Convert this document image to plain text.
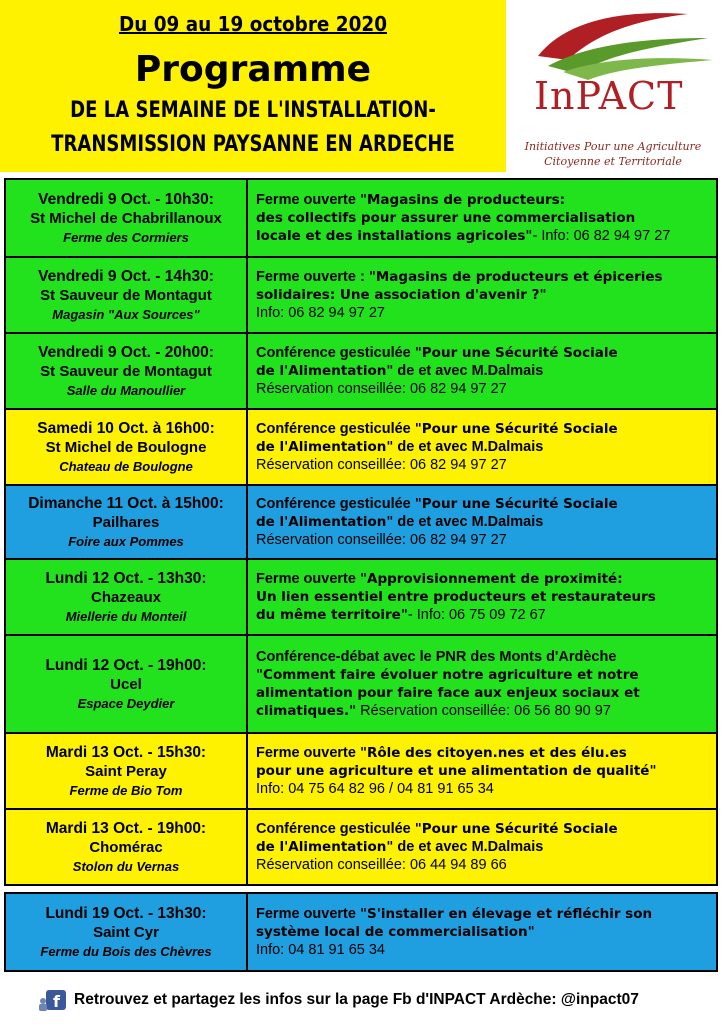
Du 09 au 19 octobre 2020
Programme
DE LA SEMAINE DE L'INSTALLATION-
TRANSMISSION PAYSANNE EN ARDECHE
InPACT
Initiatives Pour une Agriculture
Citoyenne et Territoriale
Vendredi 9 Oct. - 10h30:
St Michel de Chabrillanoux
Ferme des Cormiers
Ferme ouverte "Magasins de producteurs:
des collectifs pour assurer une commercialisation
locale et des installations agricoles"- Info: 06 82 94 97 27
Vendredi 9 Oct. - 14h30:
St Sauveur de Montagut
Magasin "Aux Sources"
Ferme ouverte : "Magasins de producteurs et épiceries
solidaires: Une association d'avenir ?"
Info: 06 82 94 97 27
Vendredi 9 Oct. - 20h00:
St Sauveur de Montagut
Salle du Manoullier
Conférence gesticulée "Pour une Sécurité Sociale
de l'Alimentation" de et avec M.Dalmais
Réservation conseillée: 06 82 94 97 27
Samedi 10 Oct. à 16h00:
St Michel de Boulogne
Chateau de Boulogne
Conférence gesticulée "Pour une Sécurité Sociale
de l'Alimentation" de et avec M.Dalmais
Réservation conseillée: 06 82 94 97 27
Dimanche 11 Oct. à 15h00:
Pailhares
Foire aux Pommes
Conférence gesticulée "Pour une Sécurité Sociale
de l'Alimentation" de et avec M.Dalmais
Réservation conseillée: 06 82 94 97 27
Lundi 12 Oct. - 13h30:
Chazeaux
Miellerie du Monteil
Ferme ouverte "Approvisionnement de proximité:
Un lien essentiel entre producteurs et restaurateurs
du même territoire"- Info: 06 75 09 72 67
Lundi 12 Oct. - 19h00:
Ucel
Espace Deydier
Conférence-débat avec le PNR des Monts d'Ardèche
"Comment faire évoluer notre agriculture et notre
alimentation pour faire face aux enjeux sociaux et
climatiques." Réservation conseillée: 06 56 80 90 97
Mardi 13 Oct. - 15h30:
Saint Peray
Ferme de Bio Tom
Ferme ouverte "Rôle des citoyen.nes et des élu.es
pour une agriculture et une alimentation de qualité"
Info: 04 75 64 82 96 / 04 81 91 65 34
Mardi 13 Oct. - 19h00:
Chomérac
Stolon du Vernas
Conférence gesticulée "Pour une Sécurité Sociale
de l'Alimentation" de et avec M.Dalmais
Réservation conseillée: 06 44 94 89 66
Lundi 19 Oct. - 13h30:
Saint Cyr
Ferme du Bois des Chèvres
Ferme ouverte "S'installer en élevage et réfléchir son
système local de commercialisation"
Info: 04 81 91 65 34
f Retrouvez et partagez les infos sur la page Fb d'INPACT Ardèche: @inpact07
